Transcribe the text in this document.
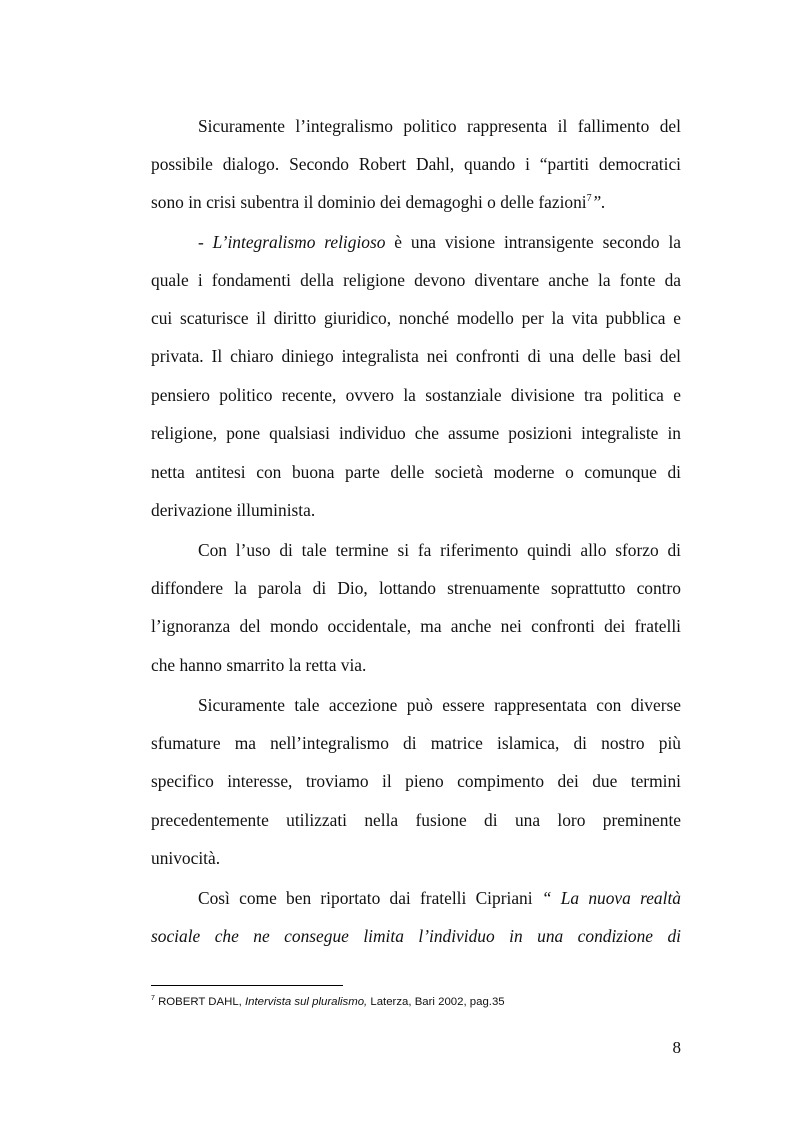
Sicuramente l’integralismo politico rappresenta il fallimento del
possibile dialogo. Secondo Robert Dahl, quando i “partiti democratici
sono in crisi subentra il dominio dei demagoghi o delle fazioni$^7$”.
- L’integralismo religioso è una visione intransigente secondo la
quale i fondamenti della religione devono diventare anche la fonte da
cui scaturisce il diritto giuridico, nonché modello per la vita pubblica e
privata. Il chiaro diniego integralista nei confronti di una delle basi del
pensiero politico recente, ovvero la sostanziale divisione tra politica e
religione, pone qualsiasi individuo che assume posizioni integraliste in
netta antitesi con buona parte delle società moderne o comunque di
derivazione illuminista.
Con l’uso di tale termine si fa riferimento quindi allo sforzo di
diffondere la parola di Dio, lottando strenuamente soprattutto contro
l’ignoranza del mondo occidentale, ma anche nei confronti dei fratelli
che hanno smarrito la retta via.
Sicuramente tale accezione può essere rappresentata con diverse
sfumature ma nell’integralismo di matrice islamica, di nostro più
specifico interesse, troviamo il pieno compimento dei due termini
precedentemente utilizzati nella fusione di una loro preminente
univocità.
Così come ben riportato dai fratelli Cipriani “ La nuova realtà
sociale che ne consegue limita l’individuo in una condizione di
$^7$ ROBERT DAHL, Intervista sul pluralismo, Laterza, Bari 2002, pag.35
8
